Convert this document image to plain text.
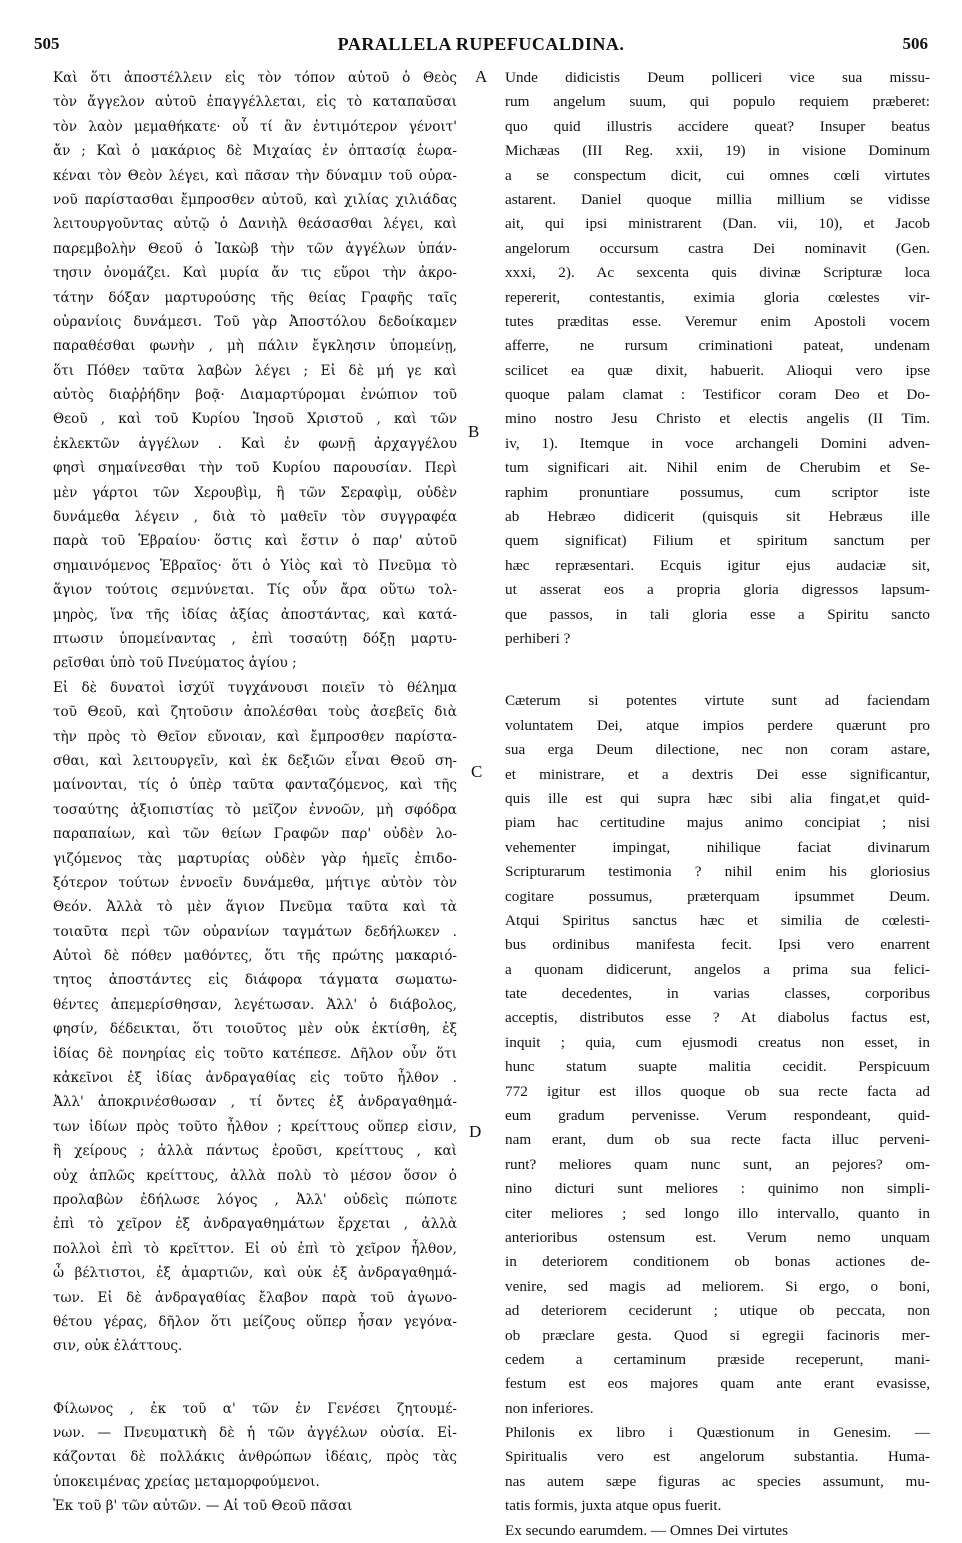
505	PARALLELA RUPEFUCALDINA.	506
A
B
C
D
Καὶ ὅτι ἀποστέλλειν εἰς τὸν τόπον αὐτοῦ ὁ Θεὸς
τὸν ἄγγελον αὐτοῦ ἐπαγγέλλεται, εἰς τὸ καταπαῦσαι
τὸν λαὸν μεμαθήκατε· οὗ τί ἂν ἐντιμότερον γένοιτ'
ἄν ; Καὶ ὁ μακάριος δὲ Μιχαίας ἐν ὀπτασίᾳ ἑωρα-
κέναι τὸν Θεὸν λέγει, καὶ πᾶσαν τὴν δύναμιν τοῦ οὐρα-
νοῦ παρίστασθαι ἔμπροσθεν αὐτοῦ, καὶ χιλίας χιλιάδας
λειτουργοῦντας αὐτῷ ὁ Δανιὴλ θεάσασθαι λέγει, καὶ
παρεμβολὴν Θεοῦ ὁ Ἰακὼβ τὴν τῶν ἀγγέλων ὑπάν-
τησιν ὀνομάζει. Καὶ μυρία ἄν τις εὕροι τὴν ἀκρο-
τάτην δόξαν μαρτυρούσης τῆς θείας Γραφῆς ταῖς
οὐρανίοις δυνάμεσι. Τοῦ γὰρ Ἀποστόλου δεδοίκαμεν
παραθέσθαι φωνὴν , μὴ πάλιν ἔγκλησιν ὑπομείνῃ,
ὅτι Πόθεν ταῦτα λαβὼν λέγει ; Εἰ δὲ μή γε καὶ
αὐτὸς διαῤῥήδην βοᾷ· Διαμαρτύρομαι ἐνώπιον τοῦ
Θεοῦ , καὶ τοῦ Κυρίου Ἰησοῦ Χριστοῦ , καὶ τῶν
ἐκλεκτῶν ἀγγέλων . Καὶ ἐν φωνῇ ἀρχαγγέλου
φησὶ σημαίνεσθαι τὴν τοῦ Κυρίου παρουσίαν. Περὶ
μὲν γάρτοι τῶν Χερουβὶμ, ἢ τῶν Σεραφὶμ, οὐδὲν
δυνάμεθα λέγειν , διὰ τὸ μαθεῖν τὸν συγγραφέα
παρὰ τοῦ Ἑβραίου· ὅστις καὶ ἔστιν ὁ παρ' αὐτοῦ
σημαινόμενος Ἑβραῖος· ὅτι ὁ Υἱὸς καὶ τὸ Πνεῦμα τὸ
ἅγιον τούτοις σεμνύνεται. Τίς οὖν ἄρα οὕτω τολ-
μηρὸς, ἵνα τῆς ἰδίας ἀξίας ἀποστάντας, καὶ κατά-
πτωσιν ὑπομείναντας , ἐπὶ τοσαύτῃ δόξῃ μαρτυ-
ρεῖσθαι ὑπὸ τοῦ Πνεύματος ἁγίου ;
Εἰ δὲ δυνατοὶ ἰσχύϊ τυγχάνουσι ποιεῖν τὸ θέλημα
τοῦ Θεοῦ, καὶ ζητοῦσιν ἀπολέσθαι τοὺς ἀσεβεῖς διὰ
τὴν πρὸς τὸ Θεῖον εὔνοιαν, καὶ ἔμπροσθεν παρίστα-
σθαι, καὶ λειτουργεῖν, καὶ ἐκ δεξιῶν εἶναι Θεοῦ ση-
μαίνονται, τίς ὁ ὑπὲρ ταῦτα φανταζόμενος, καὶ τῆς
τοσαύτης ἀξιοπιστίας τὸ μεῖζον ἐννοῶν, μὴ σφόδρα
παραπαίων, καὶ τῶν θείων Γραφῶν παρ' οὐδὲν λο-
γιζόμενος τὰς μαρτυρίας οὐδὲν γὰρ ἡμεῖς ἐπιδο-
ξότερον τούτων ἐννοεῖν δυνάμεθα, μήτιγε αὐτὸν τὸν
Θεόν. Ἀλλὰ τὸ μὲν ἅγιον Πνεῦμα ταῦτα καὶ τὰ
τοιαῦτα περὶ τῶν οὐρανίων ταγμάτων δεδήλωκεν .
Αὐτοὶ δὲ πόθεν μαθόντες, ὅτι τῆς πρώτης μακαριό-
τητος ἀποστάντες εἰς διάφορα τάγματα σωματω-
θέντες ἀπεμερίσθησαν, λεγέτωσαν. Ἀλλ' ὁ διάβολος,
φησίν, δέδεικται, ὅτι τοιοῦτος μὲν οὐκ ἐκτίσθη, ἐξ
ἰδίας δὲ πονηρίας εἰς τοῦτο κατέπεσε. Δῆλον οὖν ὅτι
κἀκεῖνοι ἐξ ἰδίας ἀνδραγαθίας εἰς τοῦτο ἦλθον .
Ἀλλ' ἀποκρινέσθωσαν , τί ὄντες ἐξ ἀνδραγαθημά-
των ἰδίων πρὸς τοῦτο ἦλθον ; κρείττους οὕπερ εἰσιν,
ἢ χείρους ; ἀλλὰ πάντως ἐροῦσι, κρείττους , καὶ
οὐχ ἁπλῶς κρείττους, ἀλλὰ πολὺ τὸ μέσον ὅσον ὁ
προλαβὼν ἐδήλωσε λόγος , Ἀλλ' οὐδεὶς πώποτε
ἐπὶ τὸ χεῖρον ἐξ ἀνδραγαθημάτων ἔρχεται , ἀλλὰ
πολλοὶ ἐπὶ τὸ κρεῖττον. Εἰ οὐ ἐπὶ τὸ χεῖρον ἦλθον,
ὦ βέλτιστοι, ἐξ ἁμαρτιῶν, καὶ οὐκ ἐξ ἀνδραγαθημά-
των. Εἰ δὲ ἀνδραγαθίας ἔλαβον παρὰ τοῦ ἀγωνο-
θέτου γέρας, δῆλον ὅτι μείζους οὕπερ ἦσαν γεγόνα-
σιν, οὐκ ἐλάττους.
Φίλωνος , ἐκ τοῦ α' τῶν ἐν Γενέσει ζητουμέ-
νων. — Πνευματικὴ δὲ ἡ τῶν ἀγγέλων οὐσία. Εἰ-
κάζονται δὲ πολλάκις ἀνθρώπων ἰδέαις, πρὸς τὰς
ὑποκειμένας χρείας μεταμορφούμενοι.
Ἐκ τοῦ β' τῶν αὐτῶν. — Αἱ τοῦ Θεοῦ πᾶσαι
Unde didicistis Deum polliceri vice sua missu-
rum angelum suum, qui populo requiem præberet:
quo quid illustris accidere queat? Insuper beatus
Michæas (III Reg. xxii, 19) in visione Dominum
a se conspectum dicit, cui omnes cœli virtutes
astarent. Daniel quoque millia millium se vidisse
ait, qui ipsi ministrarent (Dan. vii, 10), et Jacob
angelorum occursum castra Dei nominavit (Gen.
xxxi, 2). Ac sexcenta quis divinæ Scripturæ loca
repererit, contestantis, eximia gloria cœlestes vir-
tutes præditas esse. Veremur enim Apostoli vocem
afferre, ne rursum criminationi pateat, undenam
scilicet ea quæ dixit, habuerit. Alioqui vero ipse
quoque palam clamat : Testificor coram Deo et Do-
mino nostro Jesu Christo et electis angelis (II Tim.
iv, 1). Itemque in voce archangeli Domini adven-
tum significari ait. Nihil enim de Cherubim et Se-
raphim pronuntiare possumus, cum scriptor iste
ab Hebræo didicerit (quisquis sit Hebræus ille
quem significat) Filium et spiritum sanctum per
hæc repræsentari. Ecquis igitur ejus audaciæ sit,
ut asserat eos a propria gloria digressos lapsum-
que passos, in tali gloria esse a Spiritu sancto
perhiberi ?
Cæterum si potentes virtute sunt ad faciendam
voluntatem Dei, atque impios perdere quærunt pro
sua erga Deum dilectione, nec non coram astare,
et ministrare, et a dextris Dei esse significantur,
quis ille est qui supra hæc sibi alia fingat,et quid-
piam hac certitudine majus animo concipiat ; nisi
vehementer impingat, nihilique faciat divinarum
Scripturarum testimonia ? nihil enim his gloriosius
cogitare possumus, præterquam ipsummet Deum.
Atqui Spiritus sanctus hæc et similia de cœlesti-
bus ordinibus manifesta fecit. Ipsi vero enarrent
a quonam didicerunt, angelos a prima sua felici-
tate decedentes, in varias classes, corporibus
acceptis, distributos esse ? At diabolus factus est,
inquit ; quia, cum ejusmodi creatus non esset, in
hunc statum suapte malitia cecidit. Perspicuum
772 igitur est illos quoque ob sua recte facta ad
eum gradum pervenisse. Verum respondeant, quid-
nam erant, dum ob sua recte facta illuc perveni-
runt? meliores quam nunc sunt, an pejores? om-
nino dicturi sunt meliores : quinimo non simpli-
citer meliores ; sed longo illo intervallo, quanto in
anterioribus ostensum est. Verum nemo unquam
in deteriorem conditionem ob bonas actiones de-
venire, sed magis ad meliorem. Si ergo, o boni,
ad deteriorem ceciderunt ; utique ob peccata, non
ob præclare gesta. Quod si egregii facinoris mer-
cedem a certaminum præside receperunt, mani-
festum est eos majores quam ante erant evasisse,
non inferiores.
Philonis ex libro i Quæstionum in Genesim. —
Spiritualis vero est angelorum substantia. Huma-
nas autem sæpe figuras ac species assumunt, mu-
tatis formis, juxta atque opus fuerit.
Ex secundo earumdem. — Omnes Dei virtutes
